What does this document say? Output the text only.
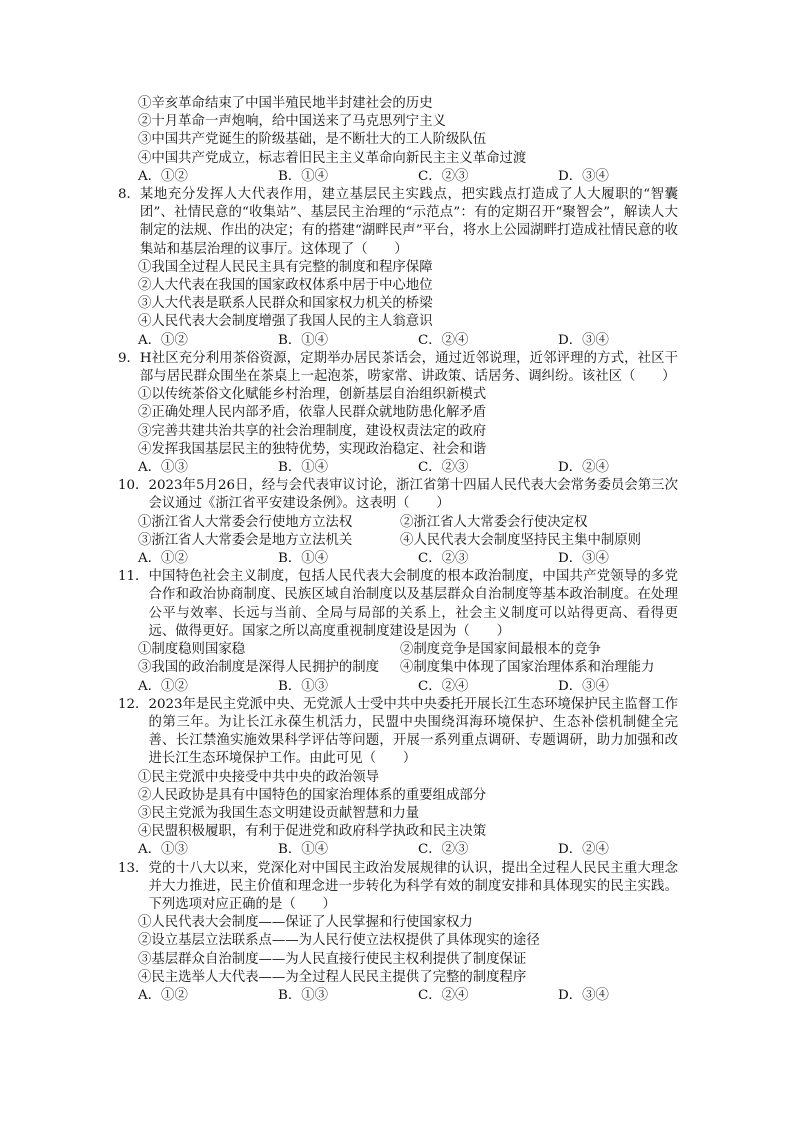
①辛亥革命结束了中国半殖民地半封建社会的历史
②十月革命一声炮响，给中国送来了马克思列宁主义
③中国共产党诞生的阶级基础，是不断壮大的工人阶级队伍
④中国共产党成立，标志着旧民主主义革命向新民主主义革命过渡
A．①②	B．①④	C．②③	D．③④
8． 某地充分发挥人大代表作用，建立基层民主实践点，把实践点打造成了人大履职的“智囊团”、社情民意的“收集站”、基层民主治理的“示范点”：有的定期召开“聚智会”，解读人大制定的法规、作出的决定；有的搭建“湖畔民声”平台，将水上公园湖畔打造成社情民意的收集站和基层治理的议事厅。这体现了（　　）
①我国全过程人民民主具有完整的制度和程序保障
②人大代表在我国的国家政权体系中居于中心地位
③人大代表是联系人民群众和国家权力机关的桥梁
④人民代表大会制度增强了我国人民的主人翁意识
A．①②	B．①④	C．②④	D．③④
9． H社区充分利用茶俗资源，定期举办居民茶话会，通过近邻说理，近邻评理的方式，社区干部与居民群众围坐在茶桌上一起泡茶，唠家常、讲政策、话居务、调纠纷。该社区（　　）
①以传统茶俗文化赋能乡村治理，创新基层自治组织新模式
②正确处理人民内部矛盾，依靠人民群众就地防患化解矛盾
③完善共建共治共享的社会治理制度，建设权责法定的政府
④发挥我国基层民主的独特优势，实现政治稳定、社会和谐
A．①③	B．①④	C．②③	D．②④
10． 2023年5月26日，经与会代表审议讨论，浙江省第十四届人民代表大会常务委员会第三次会议通过《浙江省平安建设条例》。这表明（　　）
①浙江省人大常委会行使地方立法权	②浙江省人大常委会行使决定权
③浙江省人大常委会是地方立法机关	④人民代表大会制度坚持民主集中制原则
A．①②	B．①④	C．②③	D．③④
11． 中国特色社会主义制度，包括人民代表大会制度的根本政治制度，中国共产党领导的多党合作和政治协商制度、民族区域自治制度以及基层群众自治制度等基本政治制度。在处理公平与效率、长远与当前、全局与局部的关系上，社会主义制度可以站得更高、看得更远、做得更好。国家之所以高度重视制度建设是因为（　　）
①制度稳则国家稳	②制度竞争是国家间最根本的竞争
③我国的政治制度是深得人民拥护的制度	④制度集中体现了国家治理体系和治理能力
A．①②	B．①③	C．②④	D．③④
12． 2023年是民主党派中央、无党派人士受中共中央委托开展长江生态环境保护民主监督工作的第三年。为让长江永葆生机活力，民盟中央围绕洱海环境保护、生态补偿机制健全完善、长江禁渔实施效果科学评估等问题，开展一系列重点调研、专题调研，助力加强和改进长江生态环境保护工作。由此可见（　　）
①民主党派中央接受中共中央的政治领导
②人民政协是具有中国特色的国家治理体系的重要组成部分
③民主党派为我国生态文明建设贡献智慧和力量
④民盟积极履职，有利于促进党和政府科学执政和民主决策
A．①③	B．①④	C．②③	D．②④
13． 党的十八大以来，党深化对中国民主政治发展规律的认识，提出全过程人民民主重大理念并大力推进，民主价值和理念进一步转化为科学有效的制度安排和具体现实的民主实践。下列选项对应正确的是（　　）
①人民代表大会制度——保证了人民掌握和行使国家权力
②设立基层立法联系点——为人民行使立法权提供了具体现实的途径
③基层群众自治制度——为人民直接行使民主权利提供了制度保证
④民主选举人大代表——为全过程人民民主提供了完整的制度程序
A．①②	B．①③	C．②④	D．③④
